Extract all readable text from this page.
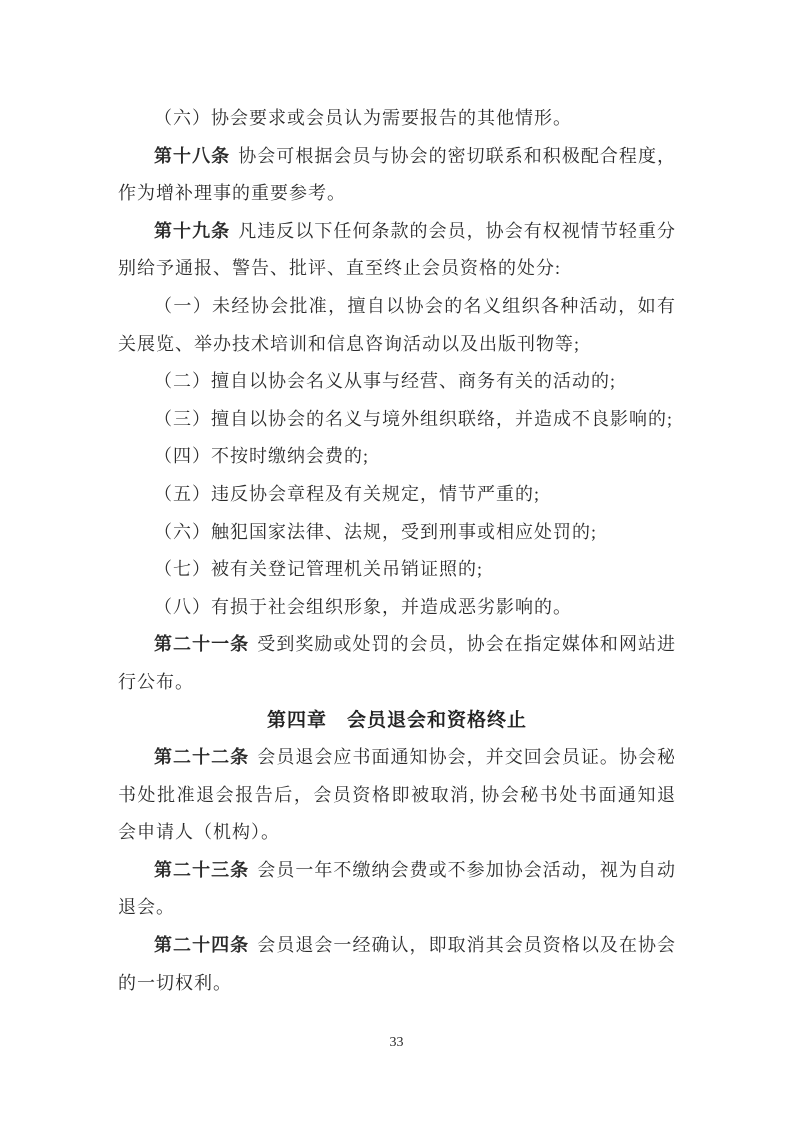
（六）协会要求或会员认为需要报告的其他情形。

第十八条 协会可根据会员与协会的密切联系和积极配合程度，作为增补理事的重要参考。

第十九条 凡违反以下任何条款的会员，协会有权视情节轻重分别给予通报、警告、批评、直至终止会员资格的处分:

（一）未经协会批准，擅自以协会的名义组织各种活动，如有关展览、举办技术培训和信息咨询活动以及出版刊物等;

（二）擅自以协会名义从事与经营、商务有关的活动的;

（三）擅自以协会的名义与境外组织联络，并造成不良影响的;

（四）不按时缴纳会费的;

（五）违反协会章程及有关规定，情节严重的;

（六）触犯国家法律、法规，受到刑事或相应处罚的;

（七）被有关登记管理机关吊销证照的;

（八）有损于社会组织形象，并造成恶劣影响的。

第二十一条 受到奖励或处罚的会员，协会在指定媒体和网站进行公布。

第四章　会员退会和资格终止

第二十二条 会员退会应书面通知协会，并交回会员证。协会秘书处批准退会报告后，会员资格即被取消, 协会秘书处书面通知退会申请人（机构）。

第二十三条 会员一年不缴纳会费或不参加协会活动，视为自动退会。

第二十四条 会员退会一经确认，即取消其会员资格以及在协会的一切权利。

33
